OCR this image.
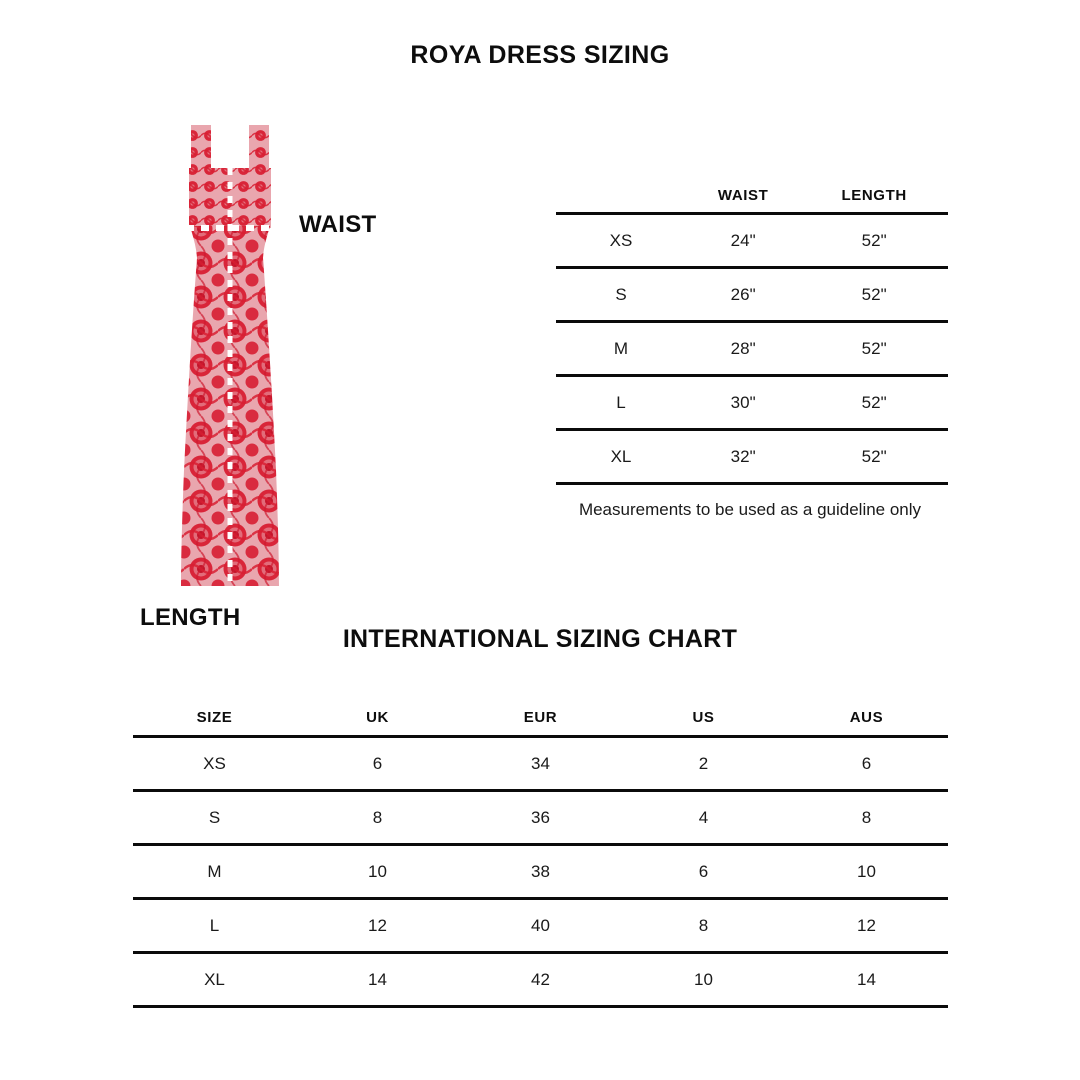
ROYA DRESS SIZING
WAIST
LENGTH
	WAIST	LENGTH
XS	24"	52"
S	26"	52"
M	28"	52"
L	30"	52"
XL	32"	52"
Measurements to be used as a guideline only
INTERNATIONAL SIZING CHART
SIZE	UK	EUR	US	AUS
XS	6	34	2	6
S	8	36	4	8
M	10	38	6	10
L	12	40	8	12
XL	14	42	10	14
